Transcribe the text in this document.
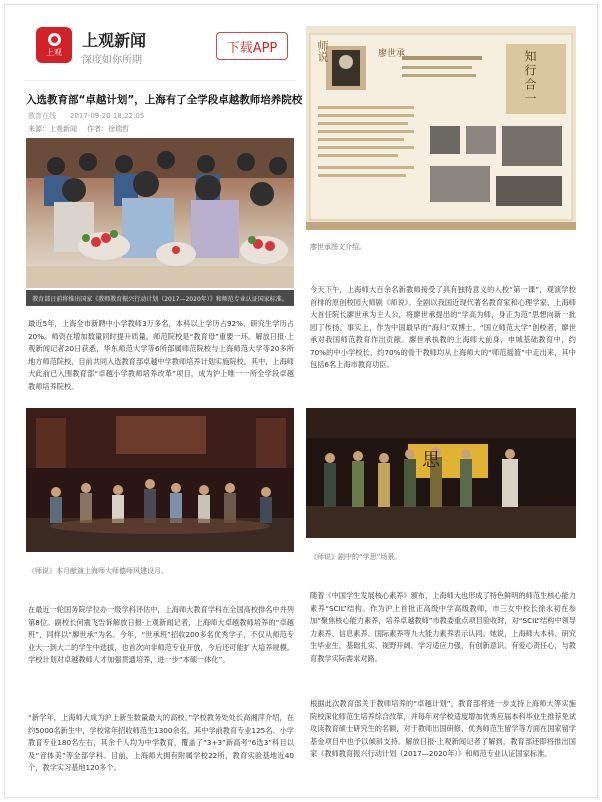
上观
上观新闻
深度如你所期
下载APP
入选教育部“卓越计划”，上海有了全学段卓越教师培养院校
教育在线 2017-09-20 18:22:05
来源：上观新闻 作者：徐瑞哲
教育部日前将推出国家《教师教育振兴行动计划（2017—2020年）》和师范专业认证国家标准。
最近5年，上海全市新聘中小学教师3万多名，本科以上学历占92%、研究生学历占20%。师资在增加数量同时提升质量，师范院校是“教育母”重要一环。解放日报·上观新闻记者20日获悉，华东师范大学等6所部属师范院校与上海师范大学等20多所地方师范院校，目前共同入选教育部卓越中学教师培养计划实施院校。其中，上海师大此前已入围教育部“卓越小学教师培养改革”项目，成为沪上唯一一所全学段卓越教师培养院校。
师说	廖世承	知行合一
廖世承图文介绍。
今天下午，上海师大百余名新教师接受了具有独特意义的入校“第一课”，观演学校首排的原创校园大师剧《师说》。全剧以我国近现代著名教育家和心理学家、上海师大首任院长廖世承为主人公，将廖世承提出的“学高为师，身正为范”思想向新一批园丁传扬。事实上，作为中国最早的“海归”双博士、“国立师范大学”创校者，廖世承对我国师范教育作出贡献。廖世承执教的上海师大前身，申城基础教育中，约70%的中小学校长、约70%的骨干教师均从上海师大的“师范摇篮”中走出来，其中包括6名上海市教育功臣。
《师说》本月献演上海师大师德师风建设月。
思
《师说》剧中的“学思”场景。
在最近一轮国务院学位办一级学科评估中，上海师大教育学科在全国高校排名中并列第8位。副校长何震飞告诉解放日报·上观新闻记者，上海师大卓越教师培养的“卓越班”，同样以“廖世承”为名。今年，“世承班”招收200多名优秀学子，不仅从师范专业大一到大二的学生中选拔，也首次向非师范专业开放，今后还可能扩大培养规模。学校计划对卓越教师人才加强贯通培养，进一步“本硕一体化”。
随着《中国学生发展核心素养》颁布，上海师大也形成了特色鲜明的师范生核心能力素养“SCIL”结构。作为沪上首批正高级中学高级教师，市三女中校长徐永初在参加“聚焦核心能力素养，培养卓越教师”市教委重点项目验收时，对“SCIL”结构中领导力素养、信息素养、国际素养等九大能力素养表示认同。她说，上海师大本科、研究生毕业生，基础扎实、视野开阔、学习适应力强，有创新意识、有爱心责任心，与教育教学实际需求对路。
“新学年，上海师大成为沪上新生数量最大的高校。”学校教务处处长高湘萍介绍，在约5000名新生中，学校常年招收师范生1300余名，其中学前教育专业125名、小学教育专业180名左右，其余千人均为中学教育，覆盖了“3+3”新高考“6选3”科目以及“音体美”等全部学科。目前，上海师大拥有附属学校22所，教育实验基地近40个，教学实习基地120多个。
根据此次教育部关于教师培养的“卓越计划”，教育部将进一步支持上海师大等实施院校深化师范生培养综合改革，并每年对学校适度增加优秀应届本科毕业生推荐免试攻读教育硕士研究生的名额，对于教师出国研修、优秀师范生留学等方面在国家留学基金项目中也予以倾斜支持。解放日报·上观新闻记者了解到，教育部还即将推出国家《教师教育振兴行动计划（2017—2020年）》和师范专业认证国家标准。
